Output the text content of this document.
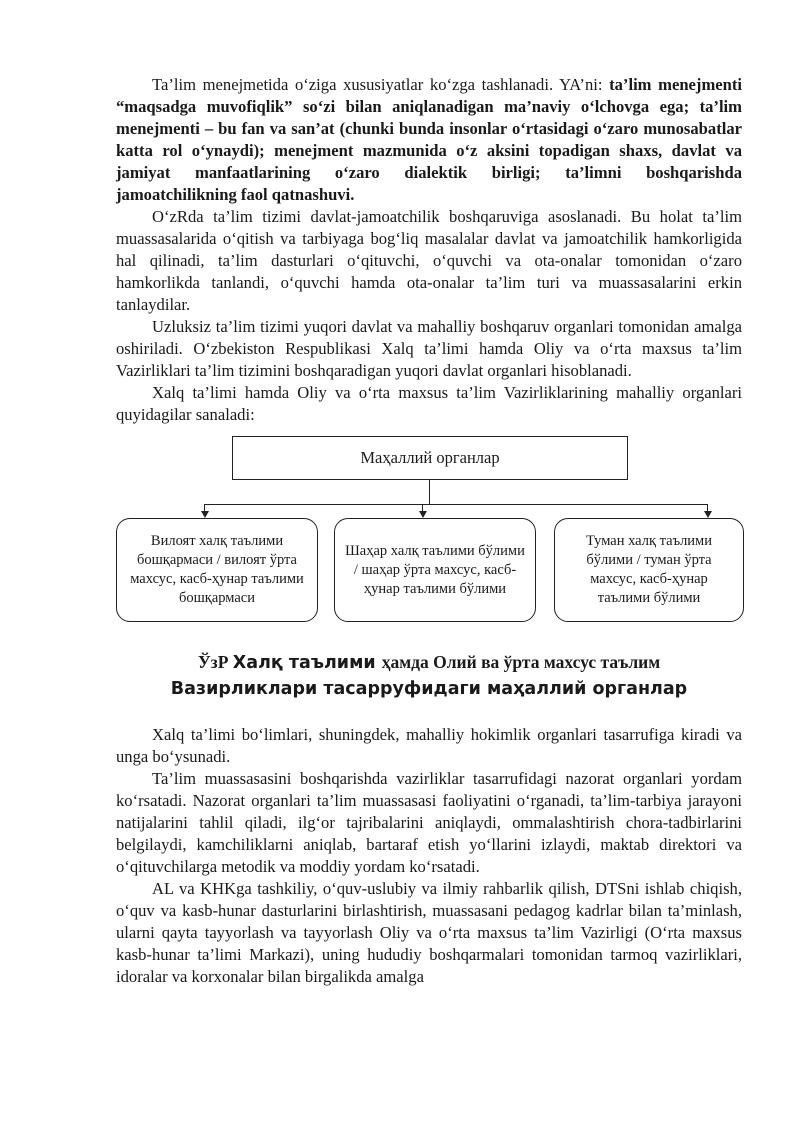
Ta’lim menejmetida o‘ziga xususiyatlar ko‘zga tashlanadi. YA’ni: ta’lim menejmenti “maqsadga muvofiqlik” so‘zi bilan aniqlanadigan ma’naviy o‘lchovga ega; ta’lim menejmenti – bu fan va san’at (chunki bunda insonlar o‘rtasidagi o‘zaro munosabatlar katta rol o‘ynaydi); menejment mazmunida o‘z aksini topadigan shaxs, davlat va jamiyat manfaatlarining o‘zaro dialektik birligi; ta’limni boshqarishda jamoatchilikning faol qatnashuvi.

O‘zRda ta’lim tizimi davlat-jamoatchilik boshqaruviga asoslanadi. Bu holat ta’lim muassasalarida o‘qitish va tarbiyaga bog‘liq masalalar davlat va jamoatchilik hamkorligida hal qilinadi, ta’lim dasturlari o‘qituvchi, o‘quvchi va ota-onalar tomonidan o‘zaro hamkorlikda tanlandi, o‘quvchi hamda ota-onalar ta’lim turi va muassasalarini erkin tanlaydilar.

Uzluksiz ta’lim tizimi yuqori davlat va mahalliy boshqaruv organlari tomonidan amalga oshiriladi. O‘zbekiston Respublikasi Xalq ta’limi hamda Oliy va o‘rta maxsus ta’lim Vazirliklari ta’lim tizimini boshqaradigan yuqori davlat organlari hisoblanadi.

Xalq ta’limi hamda Oliy va o‘rta maxsus ta’lim Vazirliklarining mahalliy organlari quyidagilar sanaladi:

Маҳаллий органлар
Вилоят халқ таълими бошқармаси / вилоят ўрта махсус, касб-ҳунар таълими бошқармаси
Шаҳар халқ таълими бўлими / шаҳар ўрта махсус, касб-ҳунар таълими бўлими
Туман халқ таълими бўлими / туман ўрта махсус, касб-ҳунар таълими бўлими
ЎзР Халқ таълими ҳамда Олий ва ўрта махсус таълим
Вазирликлари тасарруфидаги маҳаллий органлар

Xalq ta’limi bo‘limlari, shuningdek, mahalliy hokimlik organlari tasarrufiga kiradi va unga bo‘ysunadi.

Ta’lim muassasasini boshqarishda vazirliklar tasarrufidagi nazorat organlari yordam ko‘rsatadi. Nazorat organlari ta’lim muassasasi faoliyatini o‘rganadi, ta’lim-tarbiya jarayoni natijalarini tahlil qiladi, ilg‘or tajribalarini aniqlaydi, ommalashtirish chora-tadbirlarini belgilaydi, kamchiliklarni aniqlab, bartaraf etish yo‘llarini izlaydi, maktab direktori va o‘qituvchilarga metodik va moddiy yordam ko‘rsatadi.

AL va KHKga tashkiliy, o‘quv-uslubiy va ilmiy rahbarlik qilish, DTSni ishlab chiqish, o‘quv va kasb-hunar dasturlarini birlashtirish, muassasani pedagog kadrlar bilan ta’minlash, ularni qayta tayyorlash va tayyorlash Oliy va o‘rta maxsus ta’lim Vazirligi (O‘rta maxsus kasb-hunar ta’limi Markazi), uning hududiy boshqarmalari tomonidan tarmoq vazirliklari, idoralar va korxonalar bilan birgalikda amalga
